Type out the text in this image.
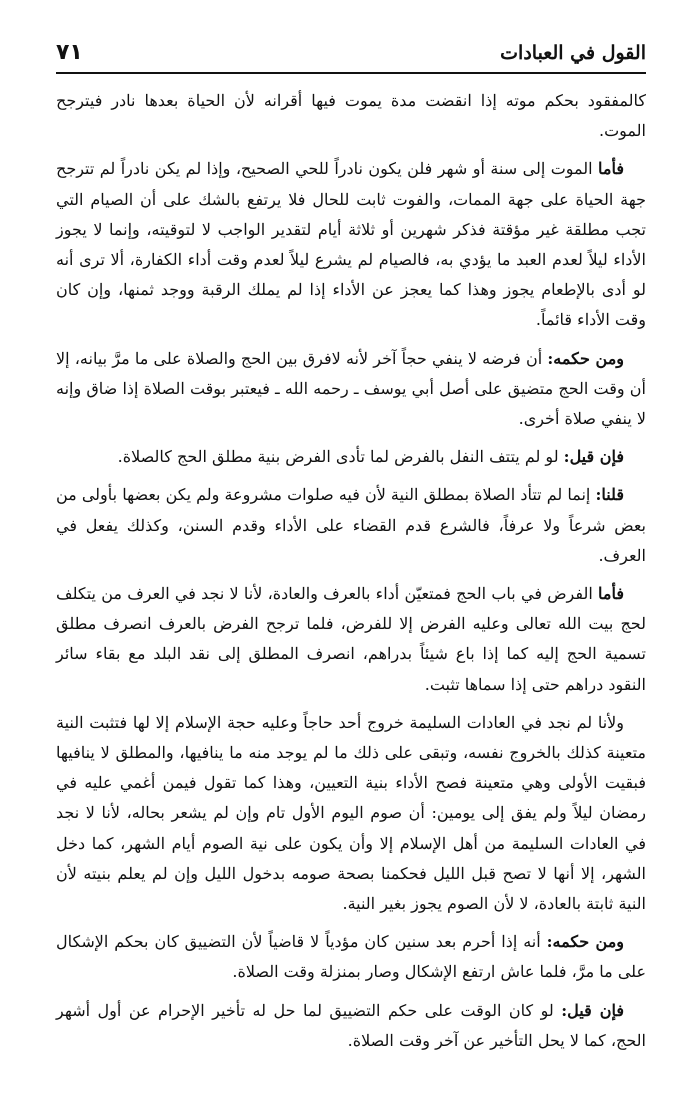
القول في العبادات
٧١

كالمفقود بحكم موته إذا انقضت مدة يموت فيها أقرانه لأن الحياة بعدها نادر فيترجح الموت.

فأما الموت إلى سنة أو شهر فلن يكون نادراً للحي الصحيح، وإذا لم يكن نادراً لم تترجح جهة الحياة على جهة الممات، والفوت ثابت للحال فلا يرتفع بالشك على أن الصيام التي تجب مطلقة غير مؤقتة فذكر شهرين أو ثلاثة أيام لتقدير الواجب لا لتوقيته، وإنما لا يجوز الأداء ليلاً لعدم العبد ما يؤدي به، فالصيام لم يشرع ليلاً لعدم وقت أداء الكفارة، ألا ترى أنه لو أدى بالإطعام يجوز وهذا كما يعجز عن الأداء إذا لم يملك الرقبة ووجد ثمنها، وإن كان وقت الأداء قائماً.

ومن حكمه: أن فرضه لا ينفي حجاً آخر لأنه لافرق بين الحج والصلاة على ما مرَّ بيانه، إلا أن وقت الحج متضيق على أصل أبي يوسف ـ رحمه الله ـ فيعتبر بوقت الصلاة إذا ضاق وإنه لا ينفي صلاة أخرى.

فإن قيل: لو لم يتتف النفل بالفرض لما تأدى الفرض بنية مطلق الحج كالصلاة.

قلنا: إنما لم تتأد الصلاة بمطلق النية لأن فيه صلوات مشروعة ولم يكن بعضها بأولى من بعض شرعاً ولا عرفاً، فالشرع قدم القضاء على الأداء وقدم السنن، وكذلك يفعل في العرف.

فأما الفرض في باب الحج فمتعيّن أداء بالعرف والعادة، لأنا لا نجد في العرف من يتكلف لحج بيت الله تعالى وعليه الفرض إلا للفرض، فلما ترجح الفرض بالعرف انصرف مطلق تسمية الحج إليه كما إذا باع شيئاً بدراهم، انصرف المطلق إلى نقد البلد مع بقاء سائر النقود دراهم حتى إذا سماها تثبت.

ولأنا لم نجد في العادات السليمة خروج أحد حاجاً وعليه حجة الإسلام إلا لها فتثبت النية متعينة كذلك بالخروج نفسه، وتبقى على ذلك ما لم يوجد منه ما ينافيها، والمطلق لا ينافيها فبقيت الأولى وهي متعينة فصح الأداء بنية التعيين، وهذا كما تقول فيمن أغمي عليه في رمضان ليلاً ولم يفق إلى يومين: أن صوم اليوم الأول تام وإن لم يشعر بحاله، لأنا لا نجد في العادات السليمة من أهل الإسلام إلا وأن يكون على نية الصوم أيام الشهر، كما دخل الشهر، إلا أنها لا تصح قبل الليل فحكمنا بصحة صومه بدخول الليل وإن لم يعلم بنيته لأن النية ثابتة بالعادة، لا لأن الصوم يجوز بغير النية.

ومن حكمه: أنه إذا أحرم بعد سنين كان مؤدياً لا قاضياً لأن التضييق كان بحكم الإشكال على ما مرَّ، فلما عاش ارتفع الإشكال وصار بمنزلة وقت الصلاة.

فإن قيل: لو كان الوقت على حكم التضييق لما حل له تأخير الإحرام عن أول أشهر الحج، كما لا يحل التأخير عن آخر وقت الصلاة.
